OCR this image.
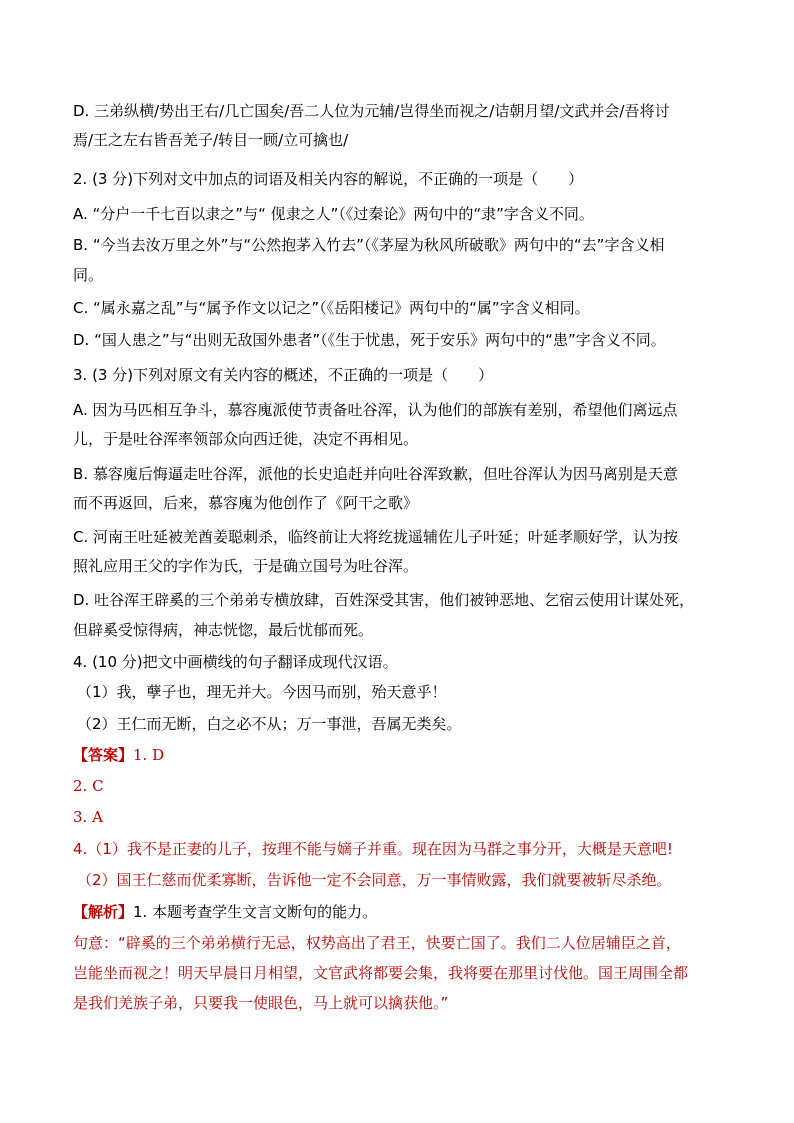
D. 三弟纵横/势出王右/几亡国矣/吾二人位为元辅/岂得坐而视之/诘朝月望/文武并会/吾将讨
焉/王之左右皆吾羌子/转目一顾/立可擒也/
2. (3 分)下列对文中加点的词语及相关内容的解说，不正确的一项是（　　）
A. “分户一千七百以隶之”与“ 伣隶之人”（《过秦论》两句中的“隶”字含义不同。
B. “今当去汝万里之外”与“公然抱茅入竹去”（《茅屋为秋风所破歌》两句中的“去”字含义相
同。
C. “属永嘉之乱”与“属予作文以记之”（《岳阳楼记》两句中的“属”字含义相同。
D. “国人患之”与“出则无敌国外患者”（《生于忧患，死于安乐》两句中的“患”字含义不同。
3. (3 分)下列对原文有关内容的概述，不正确的一项是（　　）
A. 因为马匹相互争斗，慕容廆派使节责备吐谷浑，认为他们的部族有差别，希望他们离远点
儿，于是吐谷浑率领部众向西迁徙，决定不再相见。
B. 慕容廆后悔逼走吐谷浑，派他的长史追赶并向吐谷浑致歉，但吐谷浑认为因马离别是天意
而不再返回，后来，慕容廆为他创作了《阿干之歌》
C. 河南王吐延被羌酋姜聪刺杀，临终前让大将纥拢遥辅佐儿子叶延；叶延孝顺好学，认为按
照礼应用王父的字作为氏，于是确立国号为吐谷浑。
D. 吐谷浑王辟奚的三个弟弟专横放肆，百姓深受其害，他们被钟恶地、乞宿云使用计谋处死，
但辟奚受惊得病，神志恍惚，最后忧郁而死。
4. (10 分)把文中画横线的句子翻译成现代汉语。
（1）我，孽子也，理无并大。今因马而别，殆天意乎！
（2）王仁而无断，白之必不从；万一事泄，吾属无类矣。
【答案】1. D
2. C
3. A
4.（1）我不是正妻的儿子，按理不能与嫡子并重。现在因为马群之事分开，大概是天意吧!
（2）国王仁慈而优柔寡断，告诉他一定不会同意，万一事情败露，我们就要被斩尽杀绝。
【解析】1. 本题考查学生文言文断句的能力。
句意：“辟奚的三个弟弟横行无忌，权势高出了君王，快要亡国了。我们二人位居辅臣之首，
岂能坐而视之！明天早晨日月相望，文官武将都要会集，我将要在那里讨伐他。国王周围全都
是我们羌族子弟，只要我一使眼色，马上就可以擒获他。”
